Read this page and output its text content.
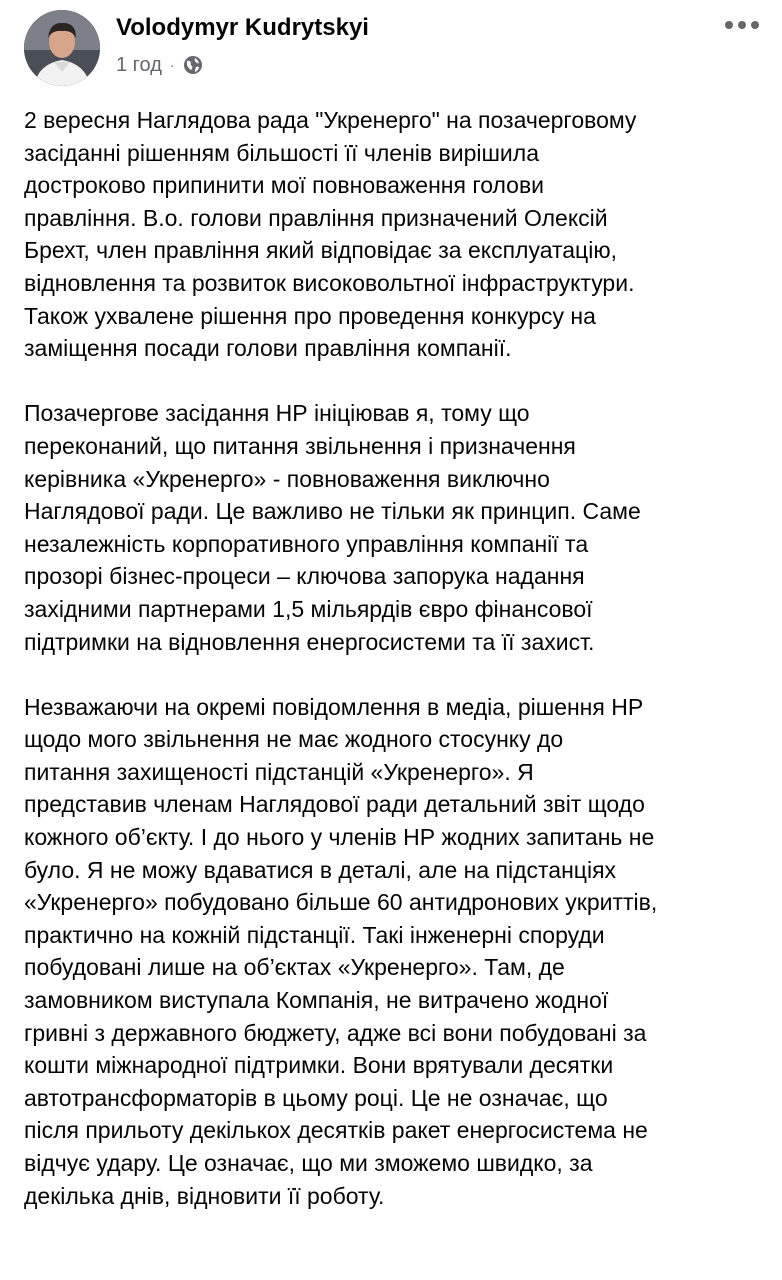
Volodymyr Kudrytskyi
1 год ·

2 вересня Наглядова рада "Укренерго" на позачерговому
засіданні рішенням більшості її членів вирішила
достроково припинити мої повноваження голови
правління. В.о. голови правління призначений Олексій
Брехт, член правління який відповідає за експлуатацію,
відновлення та розвиток високовольтної інфраструктури.
Також ухвалене рішення про проведення конкурсу на
заміщення посади голови правління компанії.

Позачергове засідання НР ініціював я, тому що
переконаний, що питання звільнення і призначення
керівника «Укренерго» - повноваження виключно
Наглядової ради. Це важливо не тільки як принцип. Саме
незалежність корпоративного управління компанії та
прозорі бізнес-процеси – ключова запорука надання
західними партнерами 1,5 мільярдів євро фінансової
підтримки на відновлення енергосистеми та її захист.

Незважаючи на окремі повідомлення в медіа, рішення НР
щодо мого звільнення не має жодного стосунку до
питання захищеності підстанцій «Укренерго». Я
представив членам Наглядової ради детальний звіт щодо
кожного об’єкту. І до нього у членів НР жодних запитань не
було. Я не можу вдаватися в деталі, але на підстанціях
«Укренерго» побудовано більше 60 антидронових укриттів,
практично на кожній підстанції. Такі інженерні споруди
побудовані лише на об’єктах «Укренерго». Там, де
замовником виступала Компанія, не витрачено жодної
гривні з державного бюджету, адже всі вони побудовані за
кошти міжнародної підтримки. Вони врятували десятки
автотрансформаторів в цьому році. Це не означає, що
після прильоту декількох десятків ракет енергосистема не
відчує удару. Це означає, що ми зможемо швидко, за
декілька днів, відновити її роботу.
